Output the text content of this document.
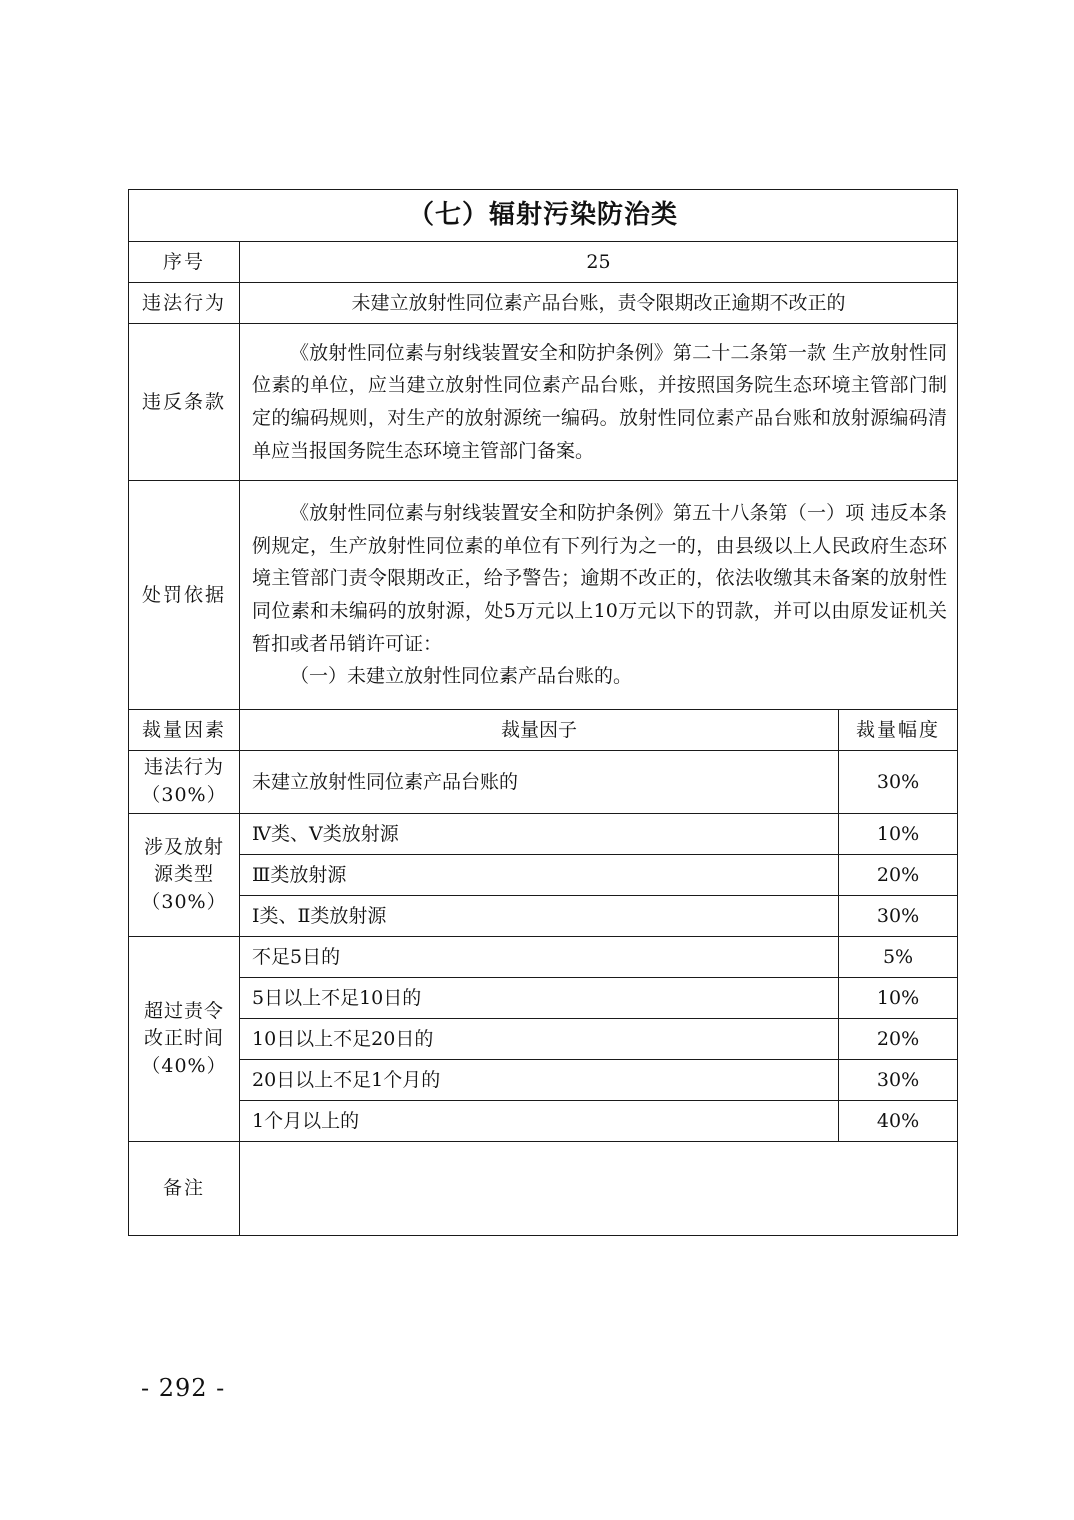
（七）辐射污染防治类		
序号	25	
违法行为	未建立放射性同位素产品台账，责令限期改正逾期不改正的	
违反条款	《放射性同位素与射线装置安全和防护条例》第二十二条第一款 生产放射性同位素的单位，应当建立放射性同位素产品台账，并按照国务院生态环境主管部门制定的编码规则，对生产的放射源统一编码。放射性同位素产品台账和放射源编码清单应当报国务院生态环境主管部门备案。	

处罚依据	《放射性同位素与射线装置安全和防护条例》第五十八条第（一）项 违反本条例规定，生产放射性同位素的单位有下列行为之一的，由县级以上人民政府生态环境主管部门责令限期改正，给予警告；逾期不改正的，依法收缴其未备案的放射性同位素和未编码的放射源，处5万元以上10万元以下的罚款，并可以由原发证机关暂扣或者吊销许可证：

（一）未建立放射性同位素产品台账的。	

裁量因素	裁量因子	裁量幅度

违法行为
（30%）	未建立放射性同位素产品台账的	30%

涉及放射
源类型
（30%）	Ⅳ类、Ⅴ类放射源	10%
	Ⅲ类放射源	20%
	Ⅰ类、Ⅱ类放射源	30%

超过责令
改正时间
（40%）	不足5日的	5%
	5日以上不足10日的	10%
	10日以上不足20日的	20%
	20日以上不足1个月的	30%
	1个月以上的	40%
备注		
- 292 -
